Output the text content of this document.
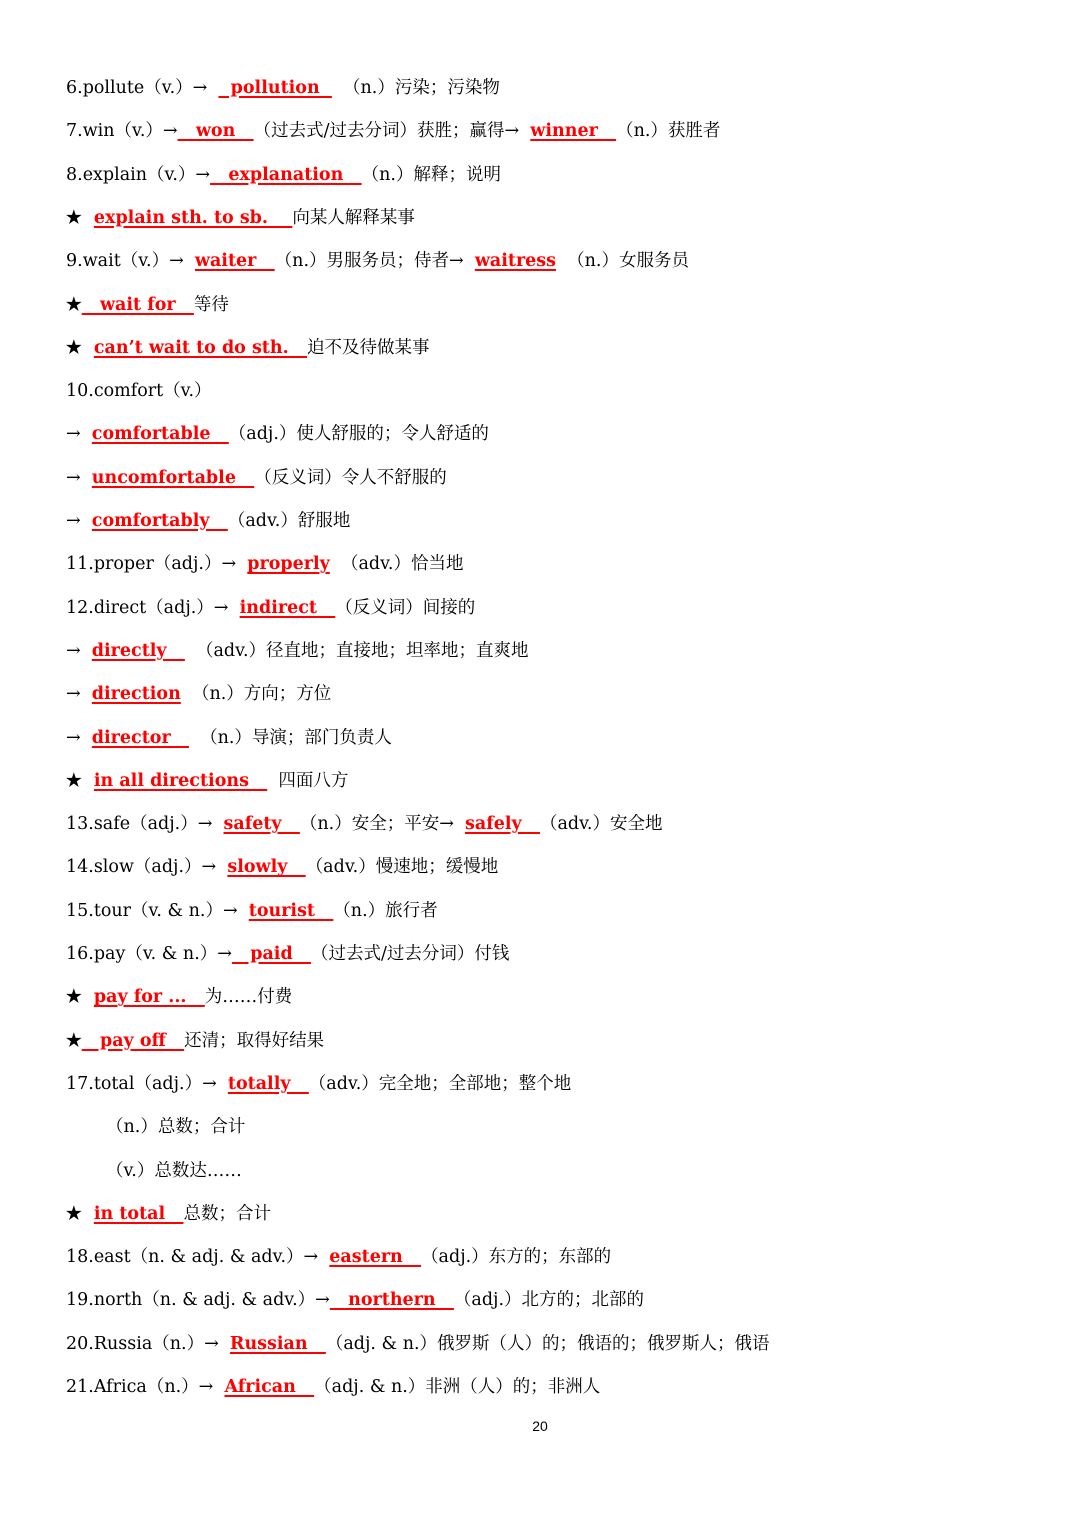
6.pollute（v.）→    pollution    （n.）污染；污染物
7.win（v.）→   won   （过去式/过去分词）获胜；赢得→  winner   （n.）获胜者
8.explain（v.）→   explanation   （n.）解释；说明
★  explain sth. to sb.    向某人解释某事
9.wait（v.）→  waiter   （n.）男服务员；侍者→  waitress  （n.）女服务员
★   wait for   等待
★  can’t wait to do sth.   迫不及待做某事
10.comfort（v.）
→  comfortable   （adj.）使人舒服的；令人舒适的
→  uncomfortable   （反义词）令人不舒服的
→  comfortably   （adv.）舒服地
11.proper（adj.）→  properly  （adv.）恰当地
12.direct（adj.）→  indirect   （反义词）间接的
→  directly     （adv.）径直地；直接地；坦率地；直爽地
→  direction  （n.）方向；方位
→  director     （n.）导演；部门负责人
★  in all directions     四面八方
13.safe（adj.）→  safety   （n.）安全；平安→  safely   （adv.）安全地
14.slow（adj.）→  slowly   （adv.）慢速地；缓慢地
15.tour（v. & n.）→  tourist   （n.）旅行者
16.pay（v. & n.）→   paid   （过去式/过去分词）付钱
★  pay for ...   为……付费
★   pay off   还清；取得好结果
17.total（adj.）→  totally   （adv.）完全地；全部地；整个地
（n.）总数；合计
（v.）总数达……
★  in total   总数；合计
18.east（n. & adj. & adv.）→  eastern   （adj.）东方的；东部的
19.north（n. & adj. & adv.）→   northern   （adj.）北方的；北部的
20.Russia（n.）→  Russian   （adj. & n.）俄罗斯（人）的；俄语的；俄罗斯人；俄语
21.Africa（n.）→  African   （adj. & n.）非洲（人）的；非洲人
20
